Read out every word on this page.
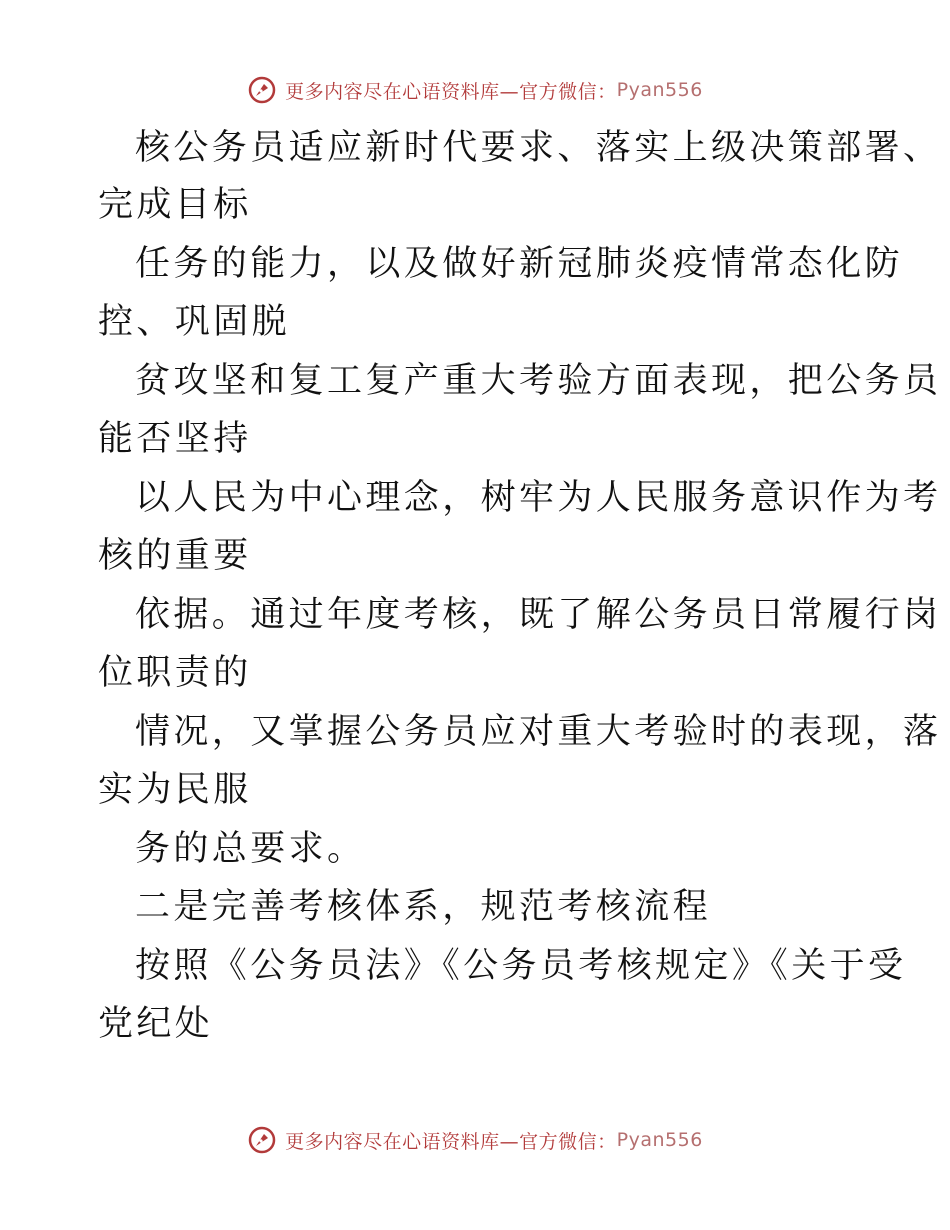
更多内容尽在心语资料库—官方微信： Pyan556
核公务员适应新时代要求、落实上级决策部署、
完成目标
任务的能力，以及做好新冠肺炎疫情常态化防
控、巩固脱
贫攻坚和复工复产重大考验方面表现，把公务员
能否坚持
以人民为中心理念，树牢为人民服务意识作为考
核的重要
依据。通过年度考核，既了解公务员日常履行岗
位职责的
情况，又掌握公务员应对重大考验时的表现，落
实为民服
务的总要求。
二是完善考核体系，规范考核流程
按照《公务员法》《公务员考核规定》《关于受
党纪处
更多内容尽在心语资料库—官方微信： Pyan556
